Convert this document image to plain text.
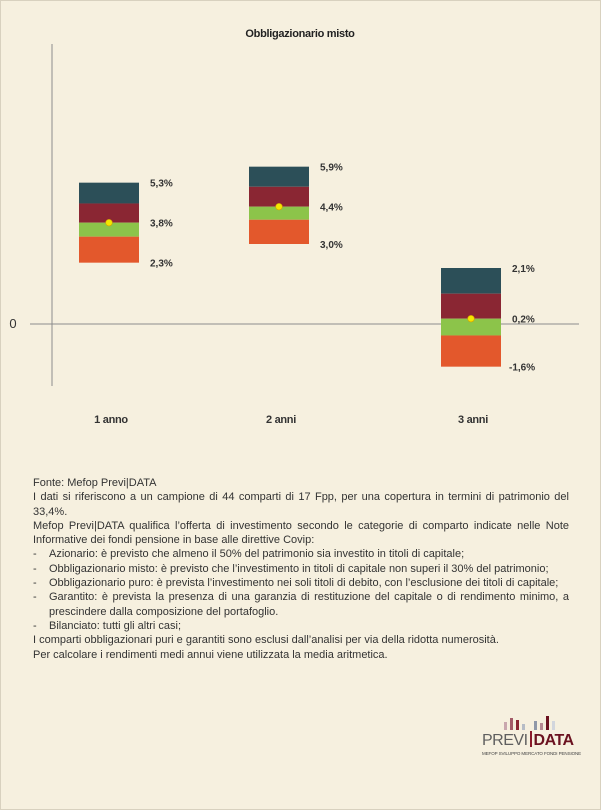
Obbligazionario misto
0
5,3%
3,8%
2,3%
1 anno
5,9%
4,4%
3,0%
2 anni
2,1%
0,2%
-1,6%
3 anni

Fonte: Mefop Previ|DATA

I dati si riferiscono a un campione di 44 comparti di 17 Fpp, per una copertura in termini di patrimonio del 33,4%.

Mefop Previ|DATA qualifica l’offerta di investimento secondo le categorie di comparto indicate nelle Note Informative dei fondi pensione in base alle direttive Covip:

- Azionario: è previsto che almeno il 50% del patrimonio sia investito in titoli di capitale;
- Obbligazionario misto: è previsto che l’investimento in titoli di capitale non superi il 30% del patrimonio;
- Obbligazionario puro: è prevista l’investimento nei soli titoli di debito, con l’esclusione dei titoli di capitale;
- Garantito: è prevista la presenza di una garanzia di restituzione del capitale o di rendimento minimo, a prescindere dalla composizione del portafoglio.
- Bilanciato: tutti gli altri casi;

I comparti obbligazionari puri e garantiti sono esclusi dall’analisi per via della ridotta numerosità.

Per calcolare i rendimenti medi annui viene utilizzata la media aritmetica.

PREVI DATA
MEFOP SVILUPPO MERCATO FONDI PENSIONE
